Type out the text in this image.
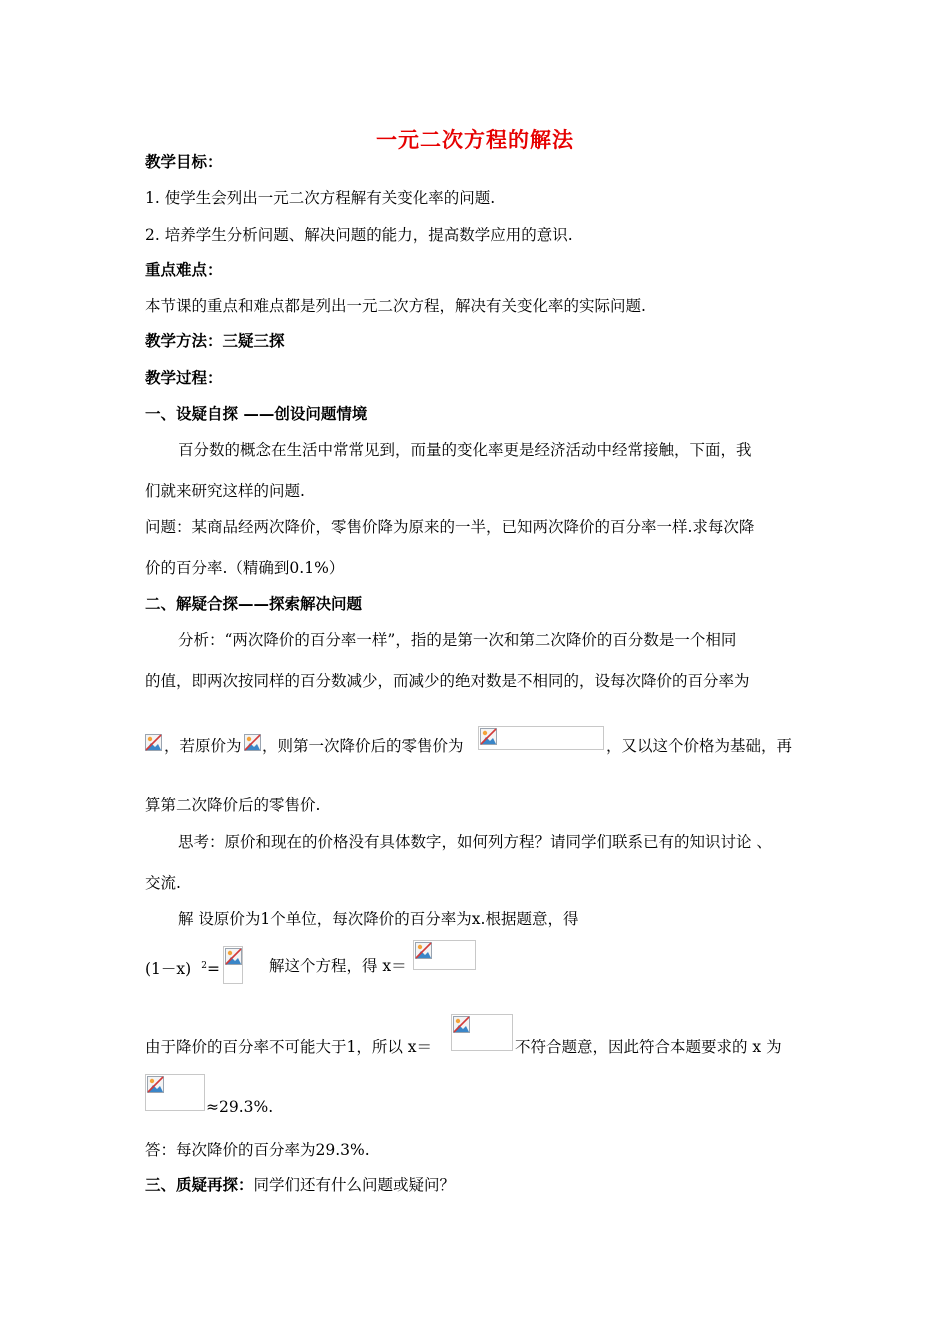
一元二次方程的解法
教学目标：
1. 使学生会列出一元二次方程解有关变化率的问题.
2. 培养学生分析问题、解决问题的能力，提高数学应用的意识.
重点难点：
本节课的重点和难点都是列出一元二次方程，解决有关变化率的实际问题.
教学方法：三疑三探
教学过程：
一、设疑自探 ——创设问题情境
百分数的概念在生活中常常见到，而量的变化率更是经济活动中经常接触，下面，我
们就来研究这样的问题.
问题：某商品经两次降价，零售价降为原来的一半，已知两次降价的百分率一样.求每次降
价的百分率.（精确到0.1%）
二、解疑合探——探索解决问题
分析：“两次降价的百分率一样”，指的是第一次和第二次降价的百分数是一个相同
的值，即两次按同样的百分数减少，而减少的绝对数是不相同的，设每次降价的百分率为
，若原价为 ，则第一次降价后的零售价为	，又以这个价格为基础，再
算第二次降价后的零售价.
思考：原价和现在的价格没有具体数字，如何列方程？请同学们联系已有的知识讨论 、
交流.
解 设原价为1个单位，每次降价的百分率为x.根据题意，得
(1－x) $^2$=	解这个方程，得 x＝
由于降价的百分率不可能大于1，所以 x＝	不符合题意，因此符合本题要求的 x 为
≈29.3%.
答：每次降价的百分率为29.3%.
三、质疑再探：同学们还有什么问题或疑问？
